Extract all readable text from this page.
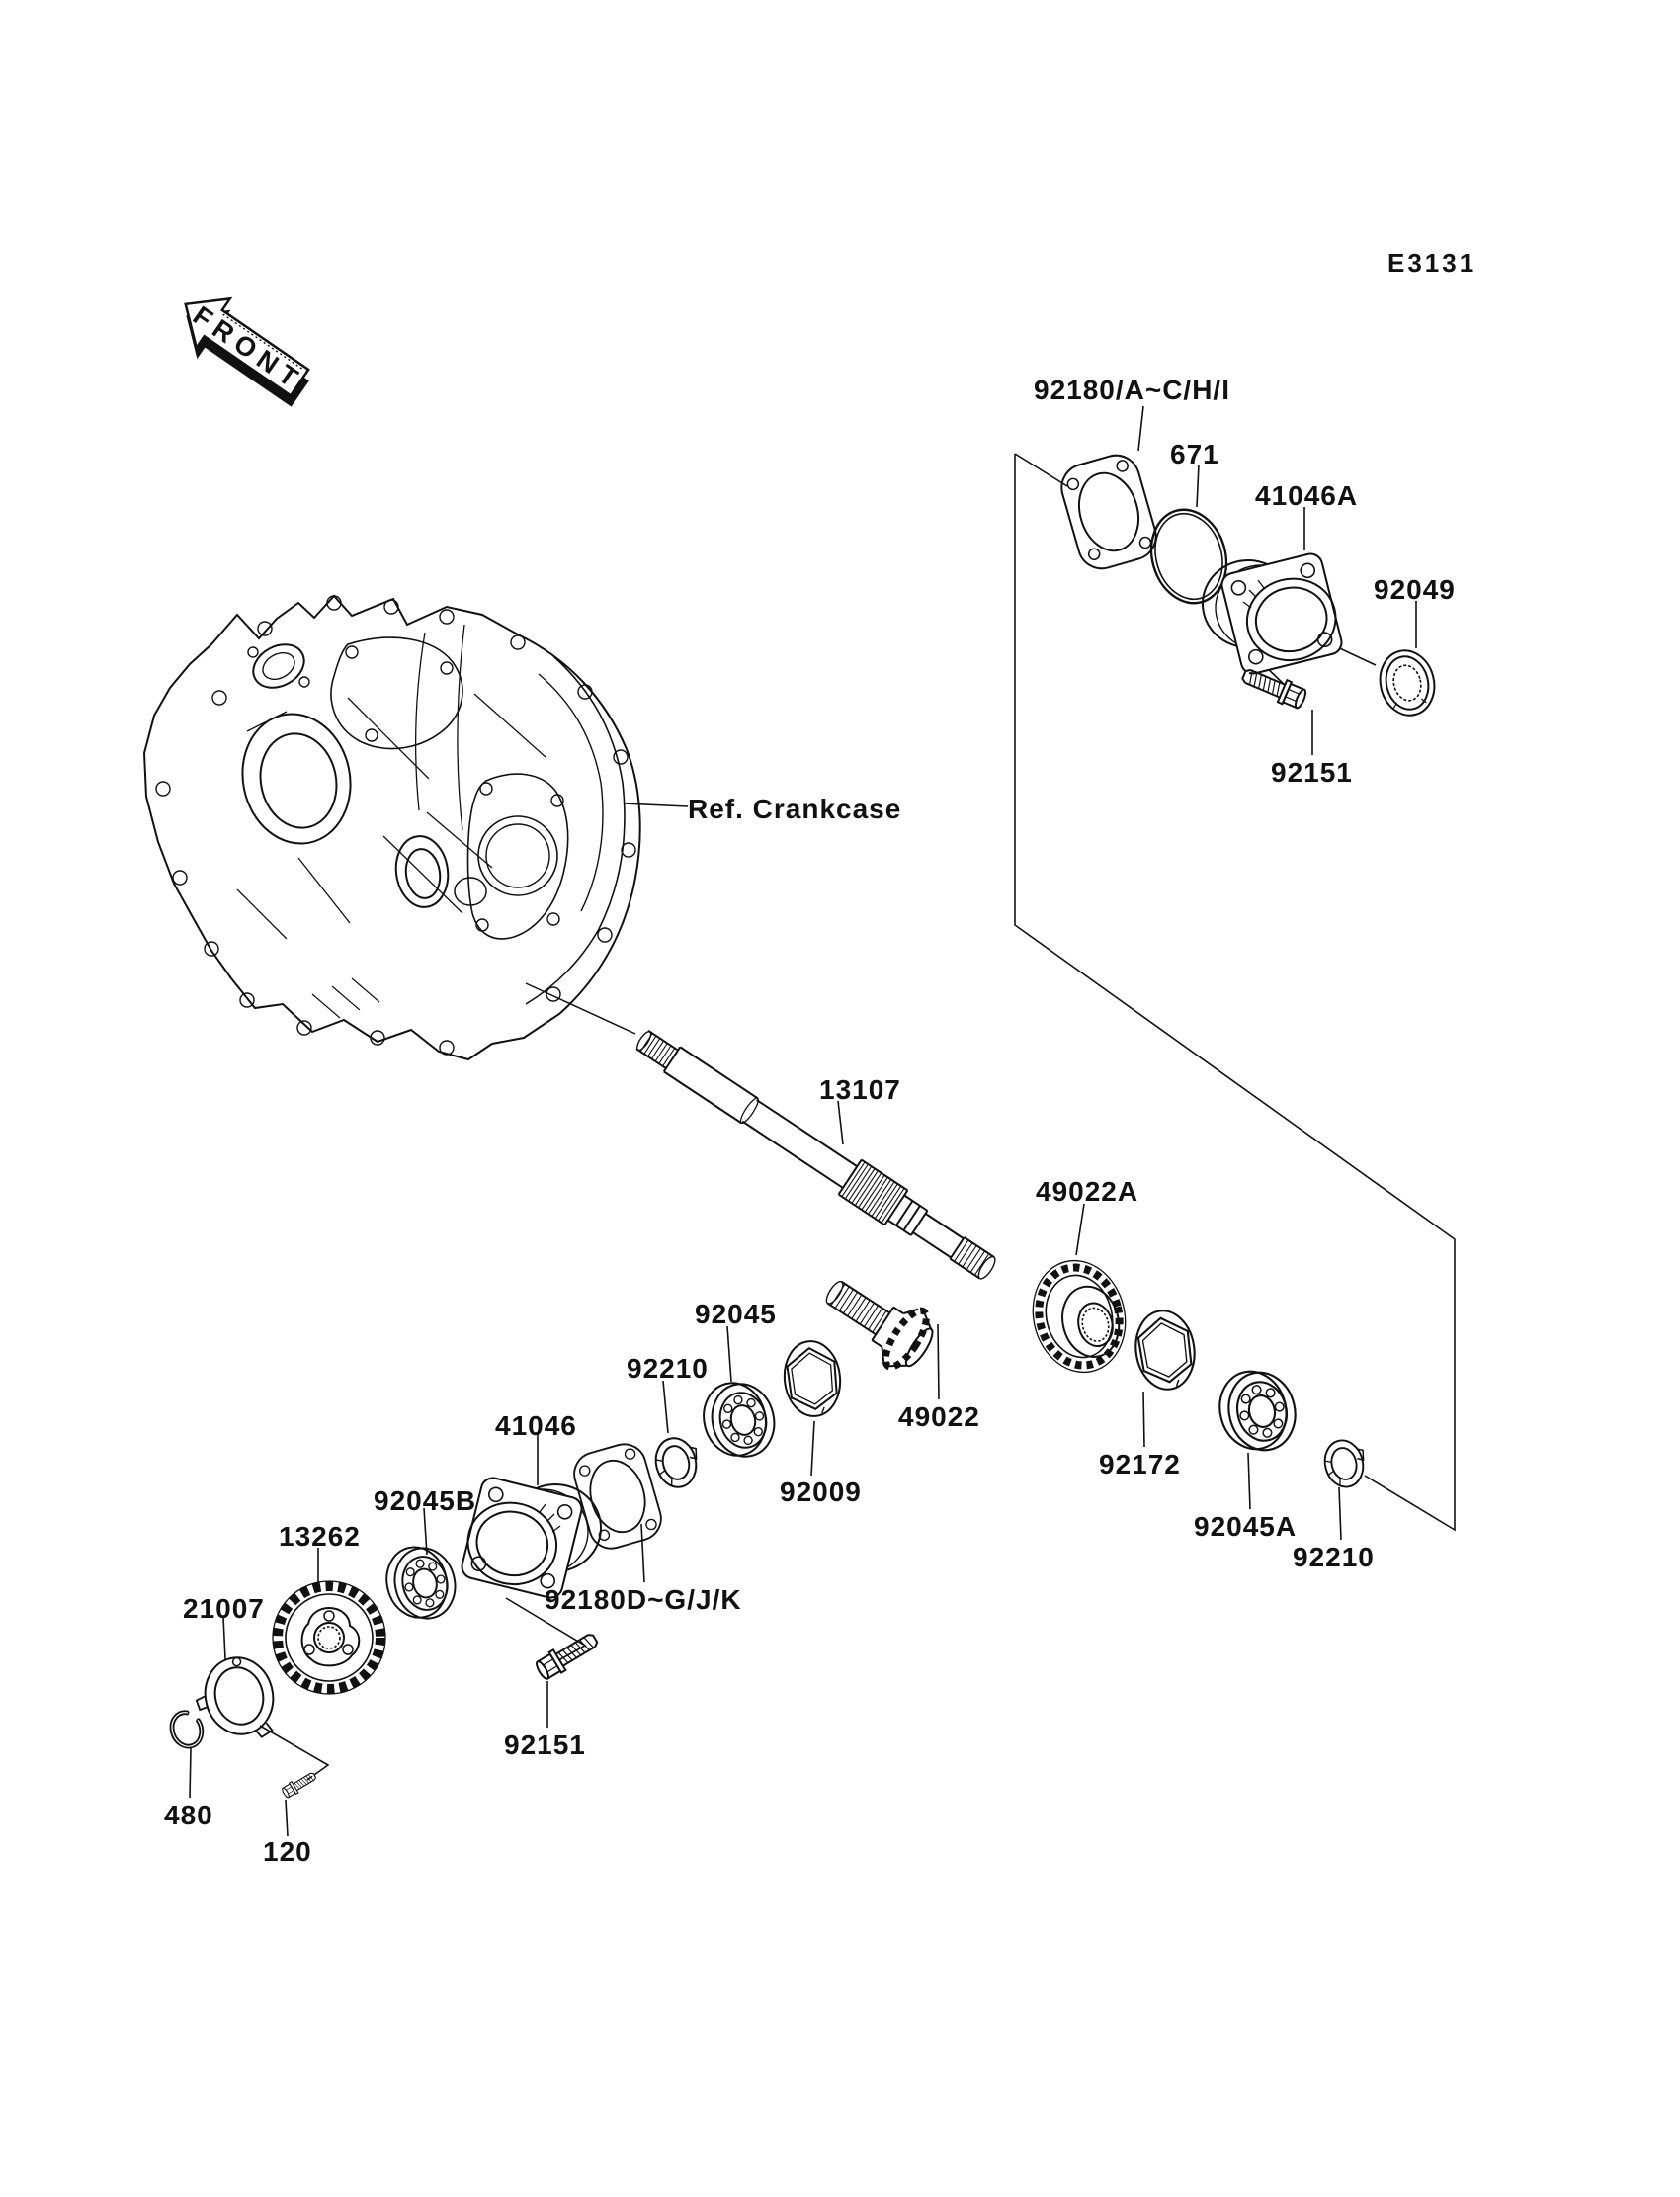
E3131
FRONT
Ref. Crankcase
92180/A~C/H/I
671
41046A
92049
92151
13107
49022A
92045
92210
92009
49022
92172
92045A
92210
41046
92045B
13262
21007	92180D~G/J/K
92151
480
120
